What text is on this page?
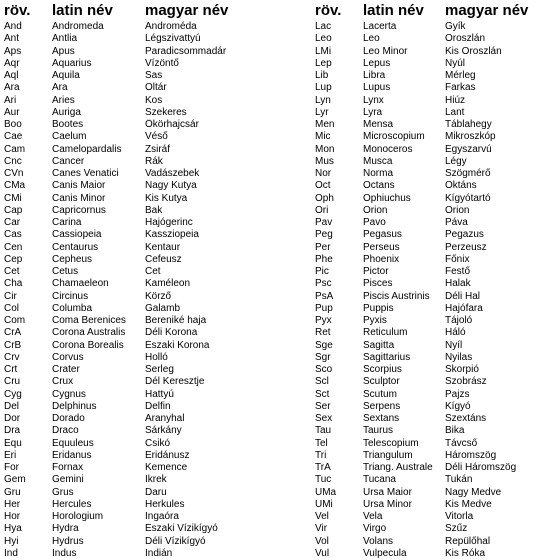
röv.	latin név	magyar név
And	Andromeda	Androméda
Ant	Antlia	Légszivattyú
Aps	Apus	Paradicsommadár
Aqr	Aquarius	Vízöntő
Aql	Aquila	Sas
Ara	Ara	Oltár
Ari	Aries	Kos
Aur	Auriga	Szekeres
Boo	Bootes	Ökörhajcsár
Cae	Caelum	Véső
Cam	Camelopardalis	Zsiráf
Cnc	Cancer	Rák
CVn	Canes Venatici	Vadászebek
CMa	Canis Maior	Nagy Kutya
CMi	Canis Minor	Kis Kutya
Cap	Capricornus	Bak
Car	Carina	Hajógerinc
Cas	Cassiopeia	Kassziopeia
Cen	Centaurus	Kentaur
Cep	Cepheus	Cefeusz
Cet	Cetus	Cet
Cha	Chamaeleon	Kaméleon
Cir	Circinus	Körző
Col	Columba	Galamb
Com	Coma Berenices	Bereniké haja
CrA	Corona Australis	Déli Korona
CrB	Corona Borealis	Északi Korona
Crv	Corvus	Holló
Crt	Crater	Serleg
Cru	Crux	Dél Keresztje
Cyg	Cygnus	Hattyú
Del	Delphinus	Delfin
Dor	Dorado	Aranyhal
Dra	Draco	Sárkány
Equ	Equuleus	Csikó
Eri	Eridanus	Eridánusz
For	Fornax	Kemence
Gem	Gemini	Ikrek
Gru	Grus	Daru
Her	Hercules	Herkules
Hor	Horologium	Ingaóra
Hya	Hydra	Északi Vízikígyó
Hyi	Hydrus	Déli Vízikígyó
Ind	Indus	Indián
röv.	latin név	magyar név
Lac	Lacerta	Gyík
Leo	Leo	Oroszlán
LMi	Leo Minor	Kis Oroszlán
Lep	Lepus	Nyúl
Lib	Libra	Mérleg
Lup	Lupus	Farkas
Lyn	Lynx	Hiúz
Lyr	Lyra	Lant
Men	Mensa	Táblahegy
Mic	Microscopium	Mikroszkóp
Mon	Monoceros	Egyszarvú
Mus	Musca	Légy
Nor	Norma	Szögmérő
Oct	Octans	Oktáns
Oph	Ophiuchus	Kígyótartó
Ori	Orion	Orion
Pav	Pavo	Páva
Peg	Pegasus	Pegazus
Per	Perseus	Perzeusz
Phe	Phoenix	Főnix
Pic	Pictor	Festő
Psc	Pisces	Halak
PsA	Piscis Austrinis	Déli Hal
Pup	Puppis	Hajófara
Pyx	Pyxis	Tájoló
Ret	Reticulum	Háló
Sge	Sagitta	Nyíl
Sgr	Sagittarius	Nyilas
Sco	Scorpius	Skorpió
Scl	Sculptor	Szobrász
Sct	Scutum	Pajzs
Ser	Serpens	Kígyó
Sex	Sextans	Szextáns
Tau	Taurus	Bika
Tel	Telescopium	Távcső
Tri	Triangulum	Háromszög
TrA	Triang. Australe	Déli Háromszög
Tuc	Tucana	Tukán
UMa	Ursa Maior	Nagy Medve
UMi	Ursa Minor	Kis Medve
Vel	Vela	Vitorla
Vir	Virgo	Szűz
Vol	Volans	Repülőhal
Vul	Vulpecula	Kis Róka
